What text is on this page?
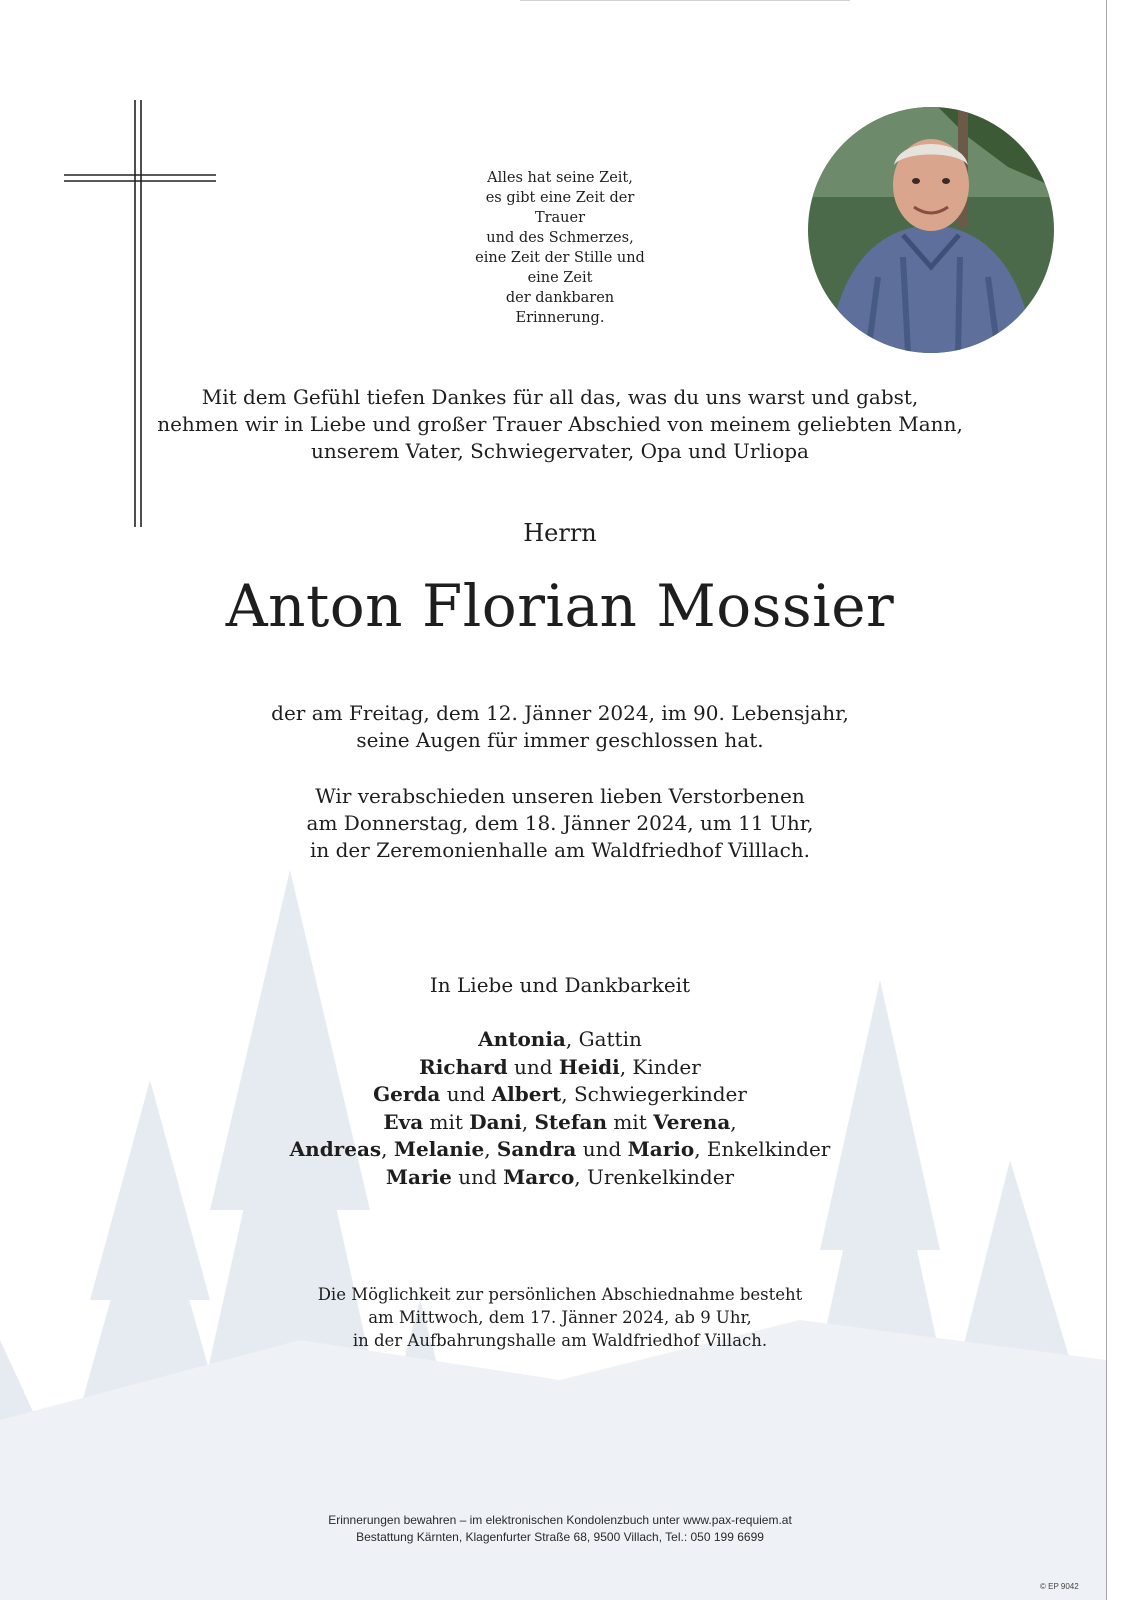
Alles hat seine Zeit,
es gibt eine Zeit der Trauer
und des Schmerzes,
eine Zeit der Stille und eine Zeit
der dankbaren Erinnerung.

Mit dem Gefühl tiefen Dankes für all das, was du uns warst und gabst,
nehmen wir in Liebe und großer Trauer Abschied von meinem geliebten Mann,
unserem Vater, Schwiegervater, Opa und Urliopa

Herrn

Anton Florian Mossier

der am Freitag, dem 12. Jänner 2024, im 90. Lebensjahr,
seine Augen für immer geschlossen hat.

Wir verabschieden unseren lieben Verstorbenen
am Donnerstag, dem 18. Jänner 2024, um 11 Uhr,
in der Zeremonienhalle am Waldfriedhof Villlach.

In Liebe und Dankbarkeit

Antonia, Gattin
Richard und Heidi, Kinder
Gerda und Albert, Schwiegerkinder
Eva mit Dani, Stefan mit Verena,
Andreas, Melanie, Sandra und Mario, Enkelkinder
Marie und Marco, Urenkelkinder

Die Möglichkeit zur persönlichen Abschiednahme besteht
am Mittwoch, dem 17. Jänner 2024, ab 9 Uhr,
in der Aufbahrungshalle am Waldfriedhof Villach.

Erinnerungen bewahren – im elektronischen Kondolenzbuch unter www.pax-requiem.at
Bestattung Kärnten, Klagenfurter Straße 68, 9500 Villach, Tel.: 050 199 6699

© EP 9042
